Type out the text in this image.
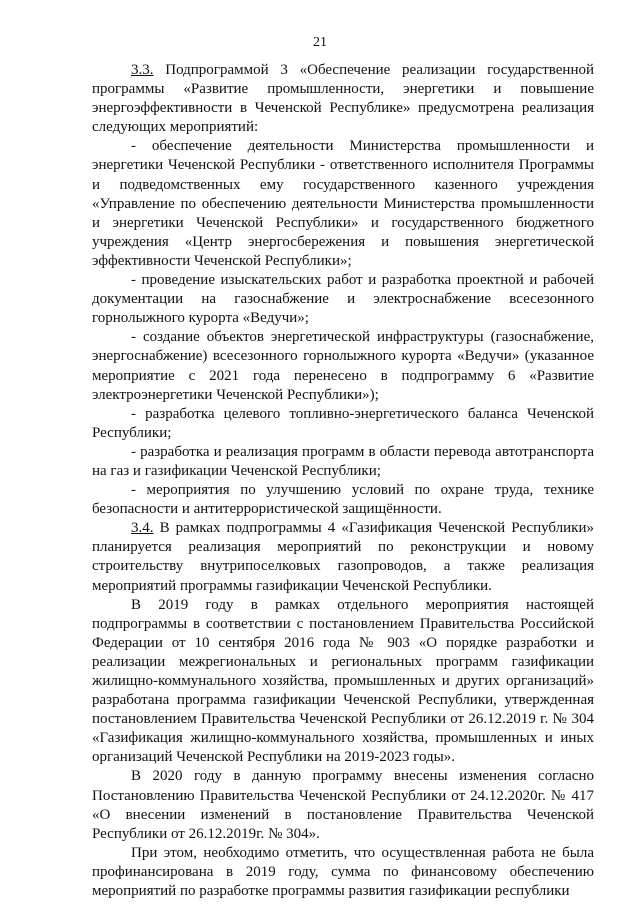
21

3.3. Подпрограммой 3 «Обеспечение реализации государственной программы «Развитие промышленности, энергетики и повышение энергоэффективности в Чеченской Республике» предусмотрена реализация следующих мероприятий:

- обеспечение деятельности Министерства промышленности и энергетики Чеченской Республики - ответственного исполнителя Программы и подведомственных ему государственного казенного учреждения «Управление по обеспечению деятельности Министерства промышленности и энергетики Чеченской Республики» и государственного бюджетного учреждения «Центр энергосбережения и повышения энергетической эффективности Чеченской Республики»;

- проведение изыскательских работ и разработка проектной и рабочей документации на газоснабжение и электроснабжение всесезонного горнолыжного курорта «Ведучи»;

- создание объектов энергетической инфраструктуры (газоснабжение, энергоснабжение) всесезонного горнолыжного курорта «Ведучи» (указанное мероприятие с 2021 года перенесено в подпрограмму 6 «Развитие электроэнергетики Чеченской Республики»);

- разработка целевого топливно-энергетического баланса Чеченской Республики;

- разработка и реализация программ в области перевода автотранспорта на газ и газификации Чеченской Республики;

- мероприятия по улучшению условий по охране труда, технике безопасности и антитеррористической защищённости.

3.4. В рамках подпрограммы 4 «Газификация Чеченской Республики» планируется реализация мероприятий по реконструкции и новому строительству внутрипоселковых газопроводов, а также реализация мероприятий программы газификации Чеченской Республики.

В 2019 году в рамках отдельного мероприятия настоящей подпрограммы в соответствии с постановлением Правительства Российской Федерации от 10 сентября 2016 года № 903 «О порядке разработки и реализации межрегиональных и региональных программ газификации жилищно-коммунального хозяйства, промышленных и других организаций» разработана программа газификации Чеченской Республики, утвержденная постановлением Правительства Чеченской Республики от 26.12.2019 г. № 304 «Газификация жилищно-коммунального хозяйства, промышленных и иных организаций Чеченской Республики на 2019-2023 годы».

В 2020 году в данную программу внесены изменения согласно Постановлению Правительства Чеченской Республики от 24.12.2020г. № 417 «О внесении изменений в постановление Правительства Чеченской Республики от 26.12.2019г. № 304».

При этом, необходимо отметить, что осуществленная работа не была профинансирована в 2019 году, сумма по финансовому обеспечению мероприятий по разработке программы развития газификации республики
